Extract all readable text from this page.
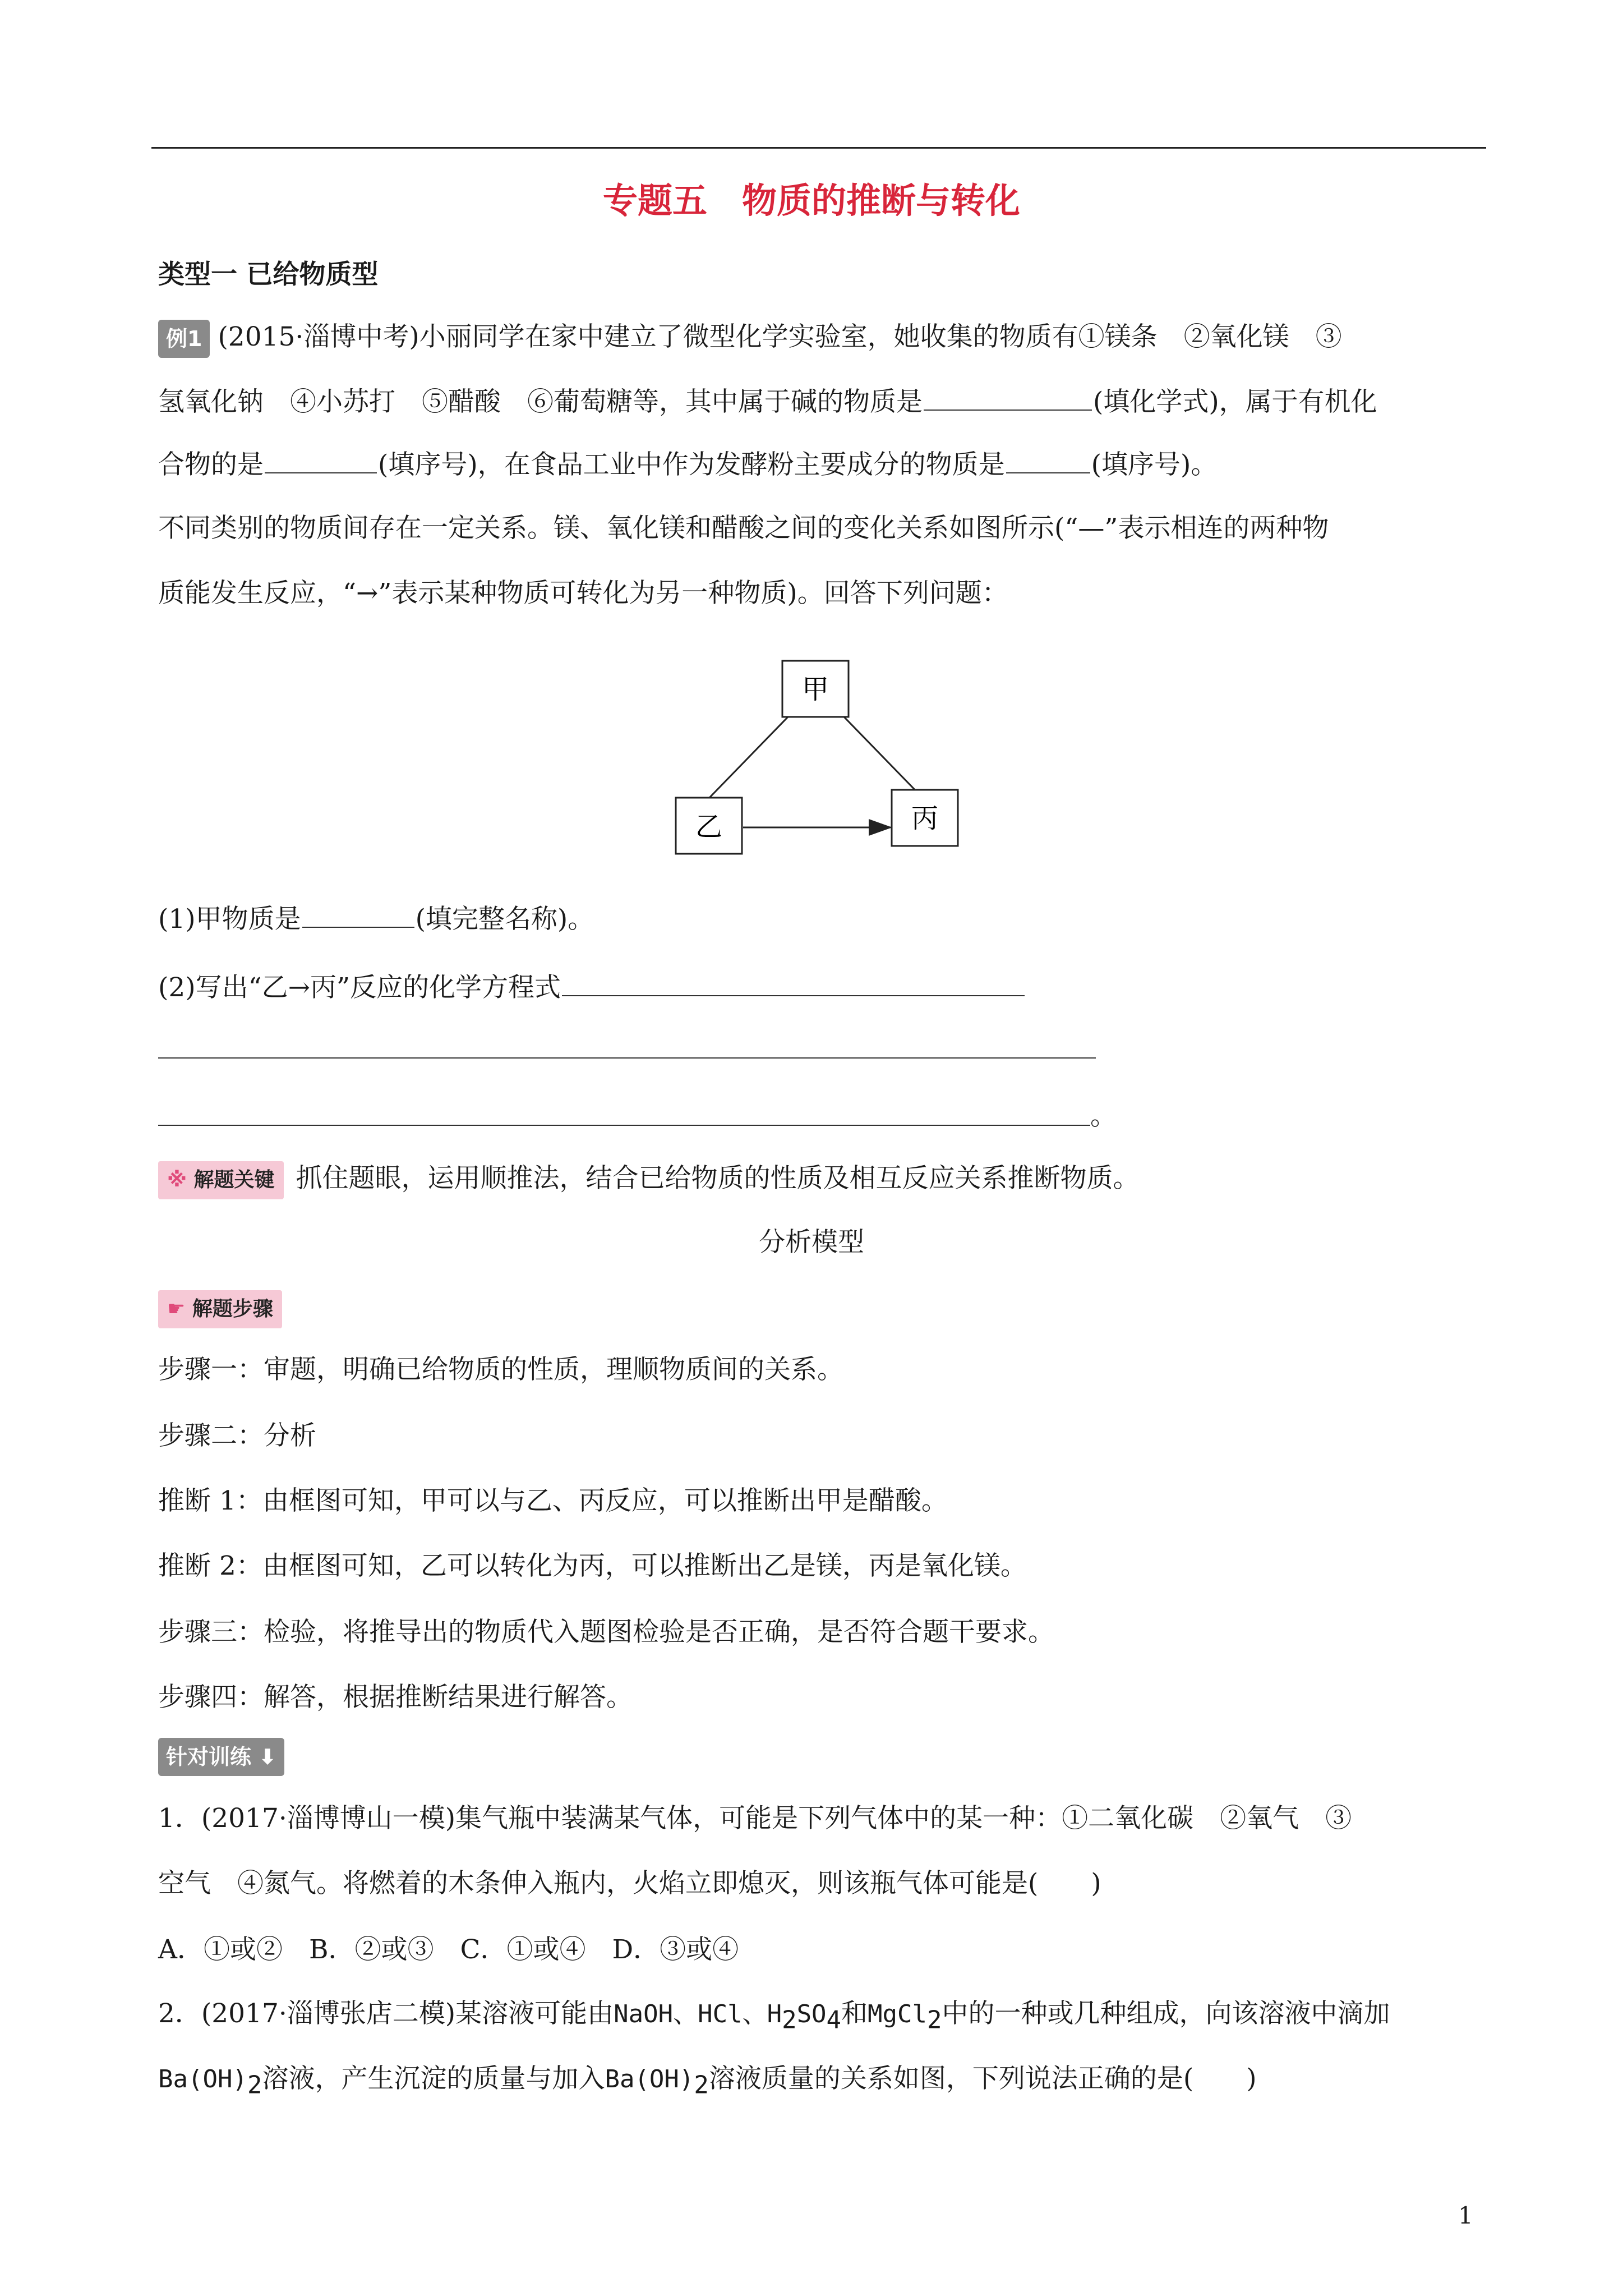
专题五　物质的推断与转化
类型一 已给物质型
例1 (2015·淄博中考)小丽同学在家中建立了微型化学实验室，她收集的物质有①镁条　②氧化镁　③
氢氧化钠　④小苏打　⑤醋酸　⑥葡萄糖等，其中属于碱的物质是	(填化学式)，属于有机化
合物的是	(填序号)，在食品工业中作为发酵粉主要成分的物质是	(填序号)。
不同类别的物质间存在一定关系。镁、氧化镁和醋酸之间的变化关系如图所示(“—”表示相连的两种物
质能发生反应，“→”表示某种物质可转化为另一种物质)。回答下列问题：
甲
乙	丙
(1)甲物质是	(填完整名称)。
(2)写出“乙→丙”反应的化学方程式
。
※ 解题关键 抓住题眼，运用顺推法，结合已给物质的性质及相互反应关系推断物质。
分析模型
☛ 解题步骤
步骤一：审题，明确已给物质的性质，理顺物质间的关系。
步骤二：分析
推断 1：由框图可知，甲可以与乙、丙反应，可以推断出甲是醋酸。
推断 2：由框图可知，乙可以转化为丙，可以推断出乙是镁，丙是氧化镁。
步骤三：检验，将推导出的物质代入题图检验是否正确，是否符合题干要求。
步骤四：解答，根据推断结果进行解答。
针对训练 ⬇
1．(2017·淄博博山一模)集气瓶中装满某气体，可能是下列气体中的某一种：①二氧化碳　②氧气　③
空气　④氮气。将燃着的木条伸入瓶内，火焰立即熄灭，则该瓶气体可能是(　　)
A．①或②　B．②或③　C．①或④　D．③或④
2．(2017·淄博张店二模)某溶液可能由NaOH、HCl、$H_2SO_4$和MgCl$_2$中的一种或几种组成，向该溶液中滴加
$Ba(OH)_2$溶液，产生沉淀的质量与加入$Ba(OH)_2$溶液质量的关系如图，下列说法正确的是(　　)
1
